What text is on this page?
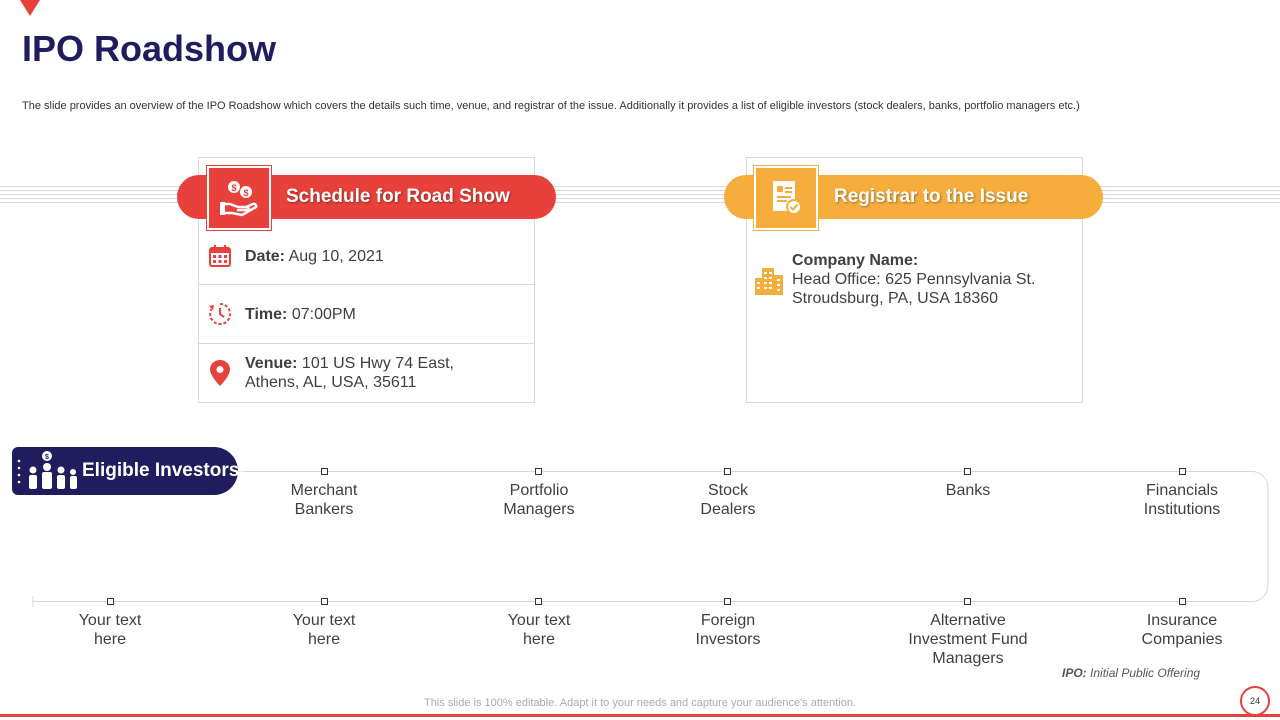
IPO Roadshow
The slide provides an overview of the IPO Roadshow which covers the details such time, venue, and registrar of the issue. Additionally it provides a list of eligible investors (stock dealers, banks, portfolio managers etc.)
Date: Aug 10, 2021
Time: 07:00PM
Venue: 101 US Hwy 74 East,
Athens, AL, USA, 35611
$ $ Schedule for Road Show
Company Name:
Head Office: 625 Pennsylvania St.
Stroudsburg, PA, USA 18360
Registrar to the Issue
$
Eligible Investors
Merchant
Bankers
Portfolio
Managers
Stock
Dealers
Banks	Financials
Institutions
Your text
here
Your text
here
Your text
here
Foreign
Investors
Alternative
Investment Fund
Managers
Insurance
Companies
IPO: Initial Public Offering
This slide is 100% editable. Adapt it to your needs and capture your audience's attention.	24
